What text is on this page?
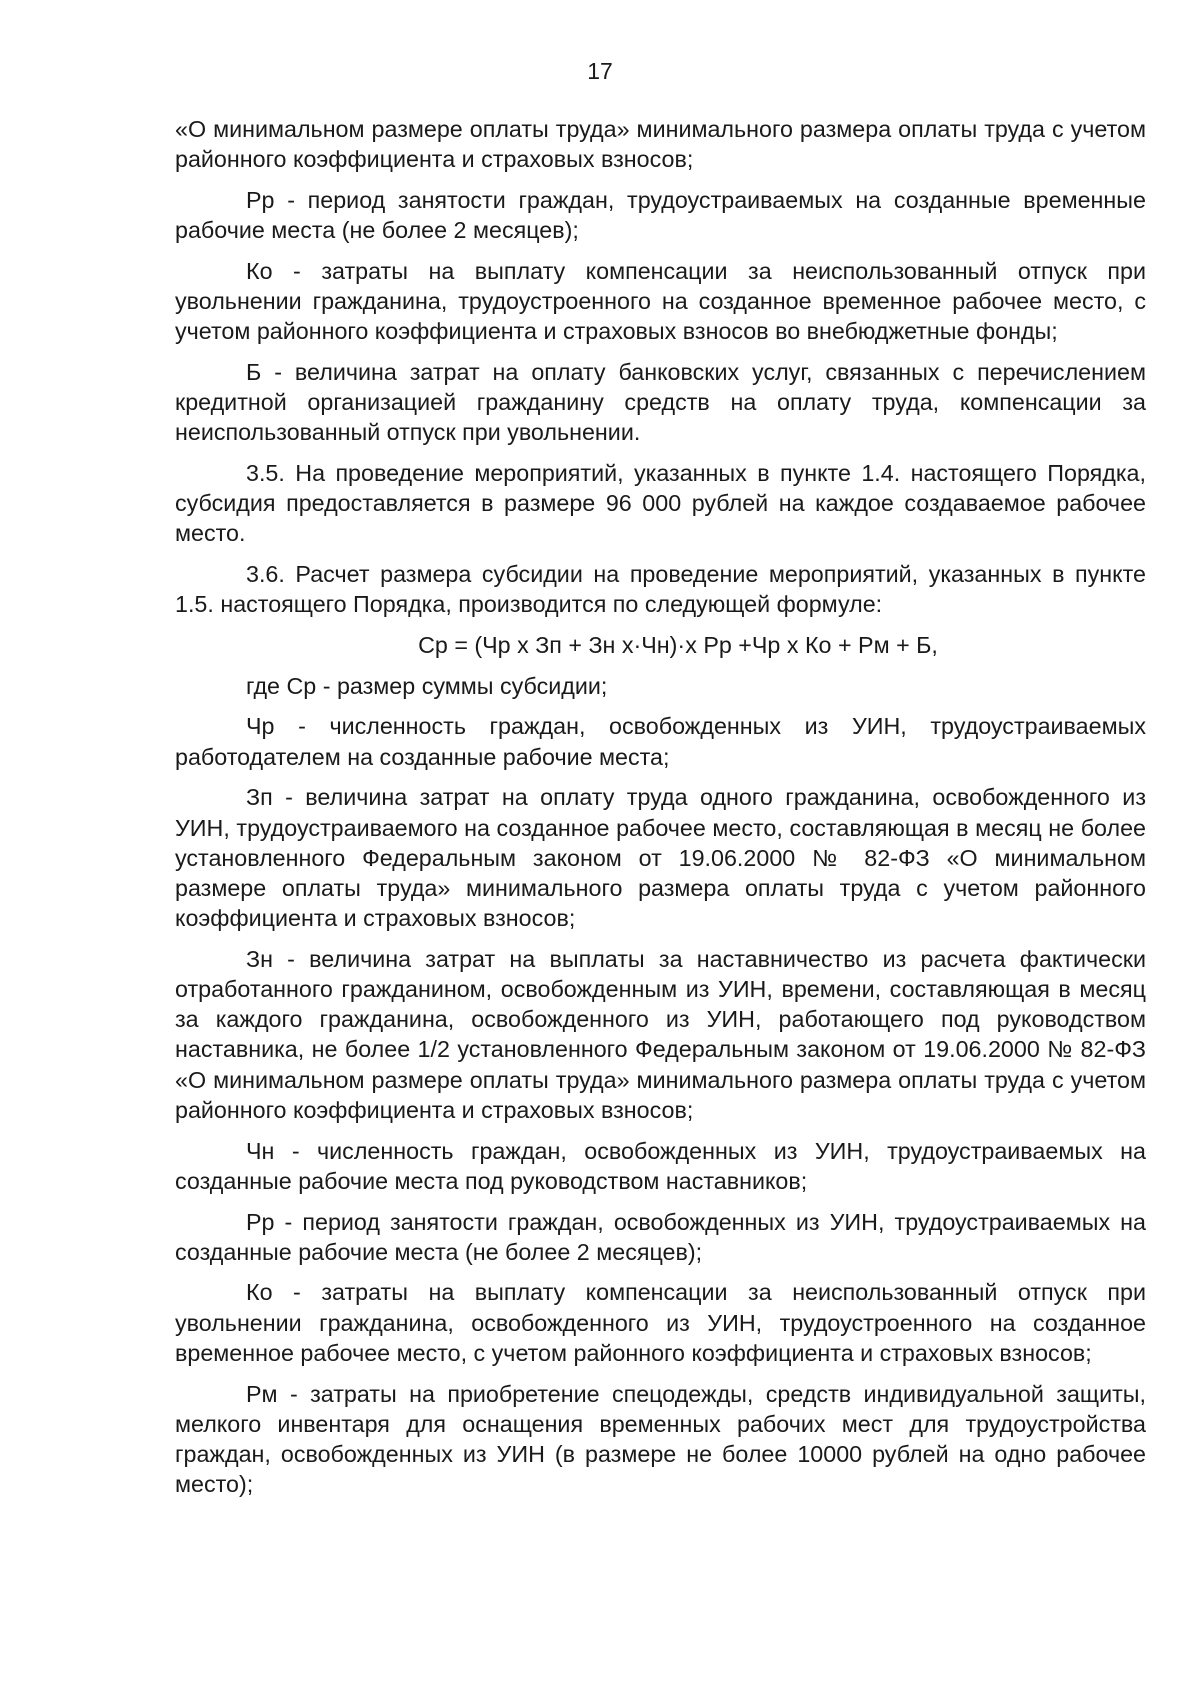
17

«О минимальном размере оплаты труда» минимального размера оплаты труда с учетом районного коэффициента и страховых взносов;

Рр - период занятости граждан, трудоустраиваемых на созданные временные рабочие места (не более 2 месяцев);

Ко - затраты на выплату компенсации за неиспользованный отпуск при увольнении гражданина, трудоустроенного на созданное временное рабочее место, с учетом районного коэффициента и страховых взносов во внебюджетные фонды;

Б - величина затрат на оплату банковских услуг, связанных с перечислением кредитной организацией гражданину средств на оплату труда, компенсации за неиспользованный отпуск при увольнении.

3.5. На проведение мероприятий, указанных в пункте 1.4. настоящего Порядка, субсидия предоставляется в размере 96 000 рублей на каждое создаваемое рабочее место.

3.6. Расчет размера субсидии на проведение мероприятий, указанных в пункте 1.5. настоящего Порядка, производится по следующей формуле:

Ср = (Чр х Зп + Зн х·Чн)·х Рр +Чр х Ко + Рм + Б,

где Ср - размер суммы субсидии;

Чр - численность граждан, освобожденных из УИН, трудоустраиваемых работодателем на созданные рабочие места;

Зп - величина затрат на оплату труда одного гражданина, освобожденного из УИН, трудоустраиваемого на созданное рабочее место, составляющая в месяц не более установленного Федеральным законом от 19.06.2000 № 82-ФЗ «О минимальном размере оплаты труда» минимального размера оплаты труда с учетом районного коэффициента и страховых взносов;

Зн - величина затрат на выплаты за наставничество из расчета фактически отработанного гражданином, освобожденным из УИН, времени, составляющая в месяц за каждого гражданина, освобожденного из УИН, работающего под руководством наставника, не более 1/2 установленного Федеральным законом от 19.06.2000 № 82-ФЗ «О минимальном размере оплаты труда» минимального размера оплаты труда с учетом районного коэффициента и страховых взносов;

Чн - численность граждан, освобожденных из УИН, трудоустраиваемых на созданные рабочие места под руководством наставников;

Рр - период занятости граждан, освобожденных из УИН, трудоустраиваемых на созданные рабочие места (не более 2 месяцев);

Ко - затраты на выплату компенсации за неиспользованный отпуск при увольнении гражданина, освобожденного из УИН, трудоустроенного на созданное временное рабочее место, с учетом районного коэффициента и страховых взносов;

Рм - затраты на приобретение спецодежды, средств индивидуальной защиты, мелкого инвентаря для оснащения временных рабочих мест для трудоустройства граждан, освобожденных из УИН (в размере не более 10000 рублей на одно рабочее место);
